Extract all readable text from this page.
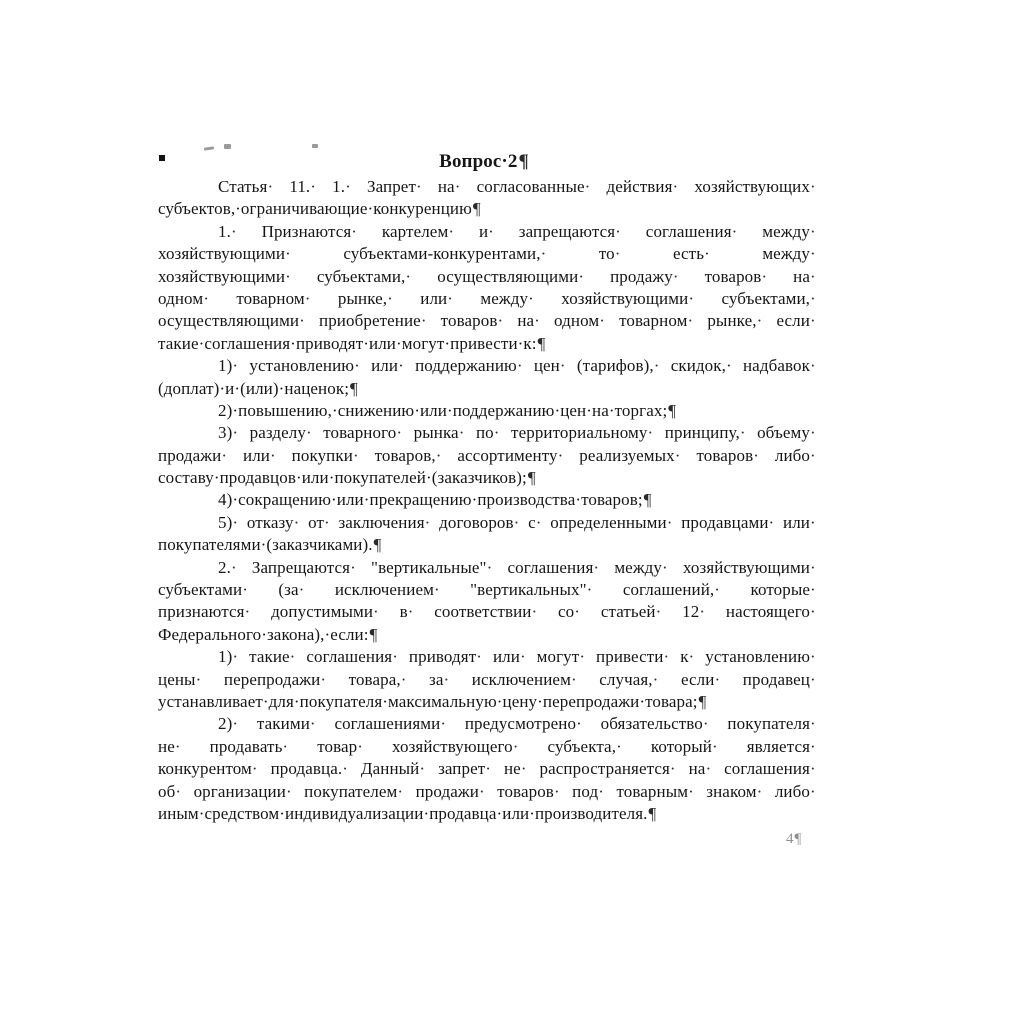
Вопрос·2¶
Статья · 11. · 1. · Запрет · на · согласованные · действия · хозяйствующих ·
субъектов,·ограничивающие·конкуренцию¶
1. ·	Признаются ·	картелем ·	и ·	запрещаются ·	соглашения ·	между ·
хозяйствующими ·	субъектами-конкурентами, ·	то ·	есть ·	между ·
хозяйствующими ·	субъектами, ·	осуществляющими ·	продажу ·	товаров ·	на ·
одном ·	товарном ·	рынке, ·	или ·	между ·	хозяйствующими ·	субъектами, ·
осуществляющими · приобретение · товаров · на · одном · товарном · рынке, · если ·
такие·соглашения·приводят·или·могут·привести·к:¶
1) · установлению · или · поддержанию · цен · (тарифов), · скидок, · надбавок ·
(доплат)·и·(или)·наценок;¶
2)·повышению,·снижению·или·поддержанию·цен·на·торгах;¶
3) · разделу · товарного · рынка · по · территориальному · принципу, · объему ·
продажи · или · покупки · товаров, · ассортименту · реализуемых · товаров · либо ·
составу·продавцов·или·покупателей·(заказчиков);¶
4)·сокращению·или·прекращению·производства·товаров;¶
5) · отказу · от · заключения · договоров · с · определенными · продавцами · или ·
покупателями·(заказчиками).¶
2. · Запрещаются · "вертикальные" · соглашения · между · хозяйствующими ·
субъектами ·	(за ·	исключением ·	"вертикальных" ·	соглашений, ·	которые ·
признаются ·	допустимыми ·	в ·	соответствии ·	со ·	статьей ·	12 ·	настоящего ·
Федерального·закона),·если:¶
1) · такие · соглашения · приводят · или · могут · привести · к · установлению ·
цены ·	перепродажи ·	товара, ·	за ·	исключением ·	случая, ·	если ·	продавец ·
устанавливает·для·покупателя·максимальную·цену·перепродажи·товара;¶
2) ·	такими ·	соглашениями ·	предусмотрено ·	обязательство ·	покупателя ·
не ·	продавать ·	товар ·	хозяйствующего ·	субъекта, ·	который ·	является ·
конкурентом · продавца. · Данный · запрет · не · распространяется · на · соглашения ·
об · организации · покупателем · продажи · товаров · под · товарным · знаком · либо ·
иным·средством·индивидуализации·продавца·или·производителя.¶
4¶
